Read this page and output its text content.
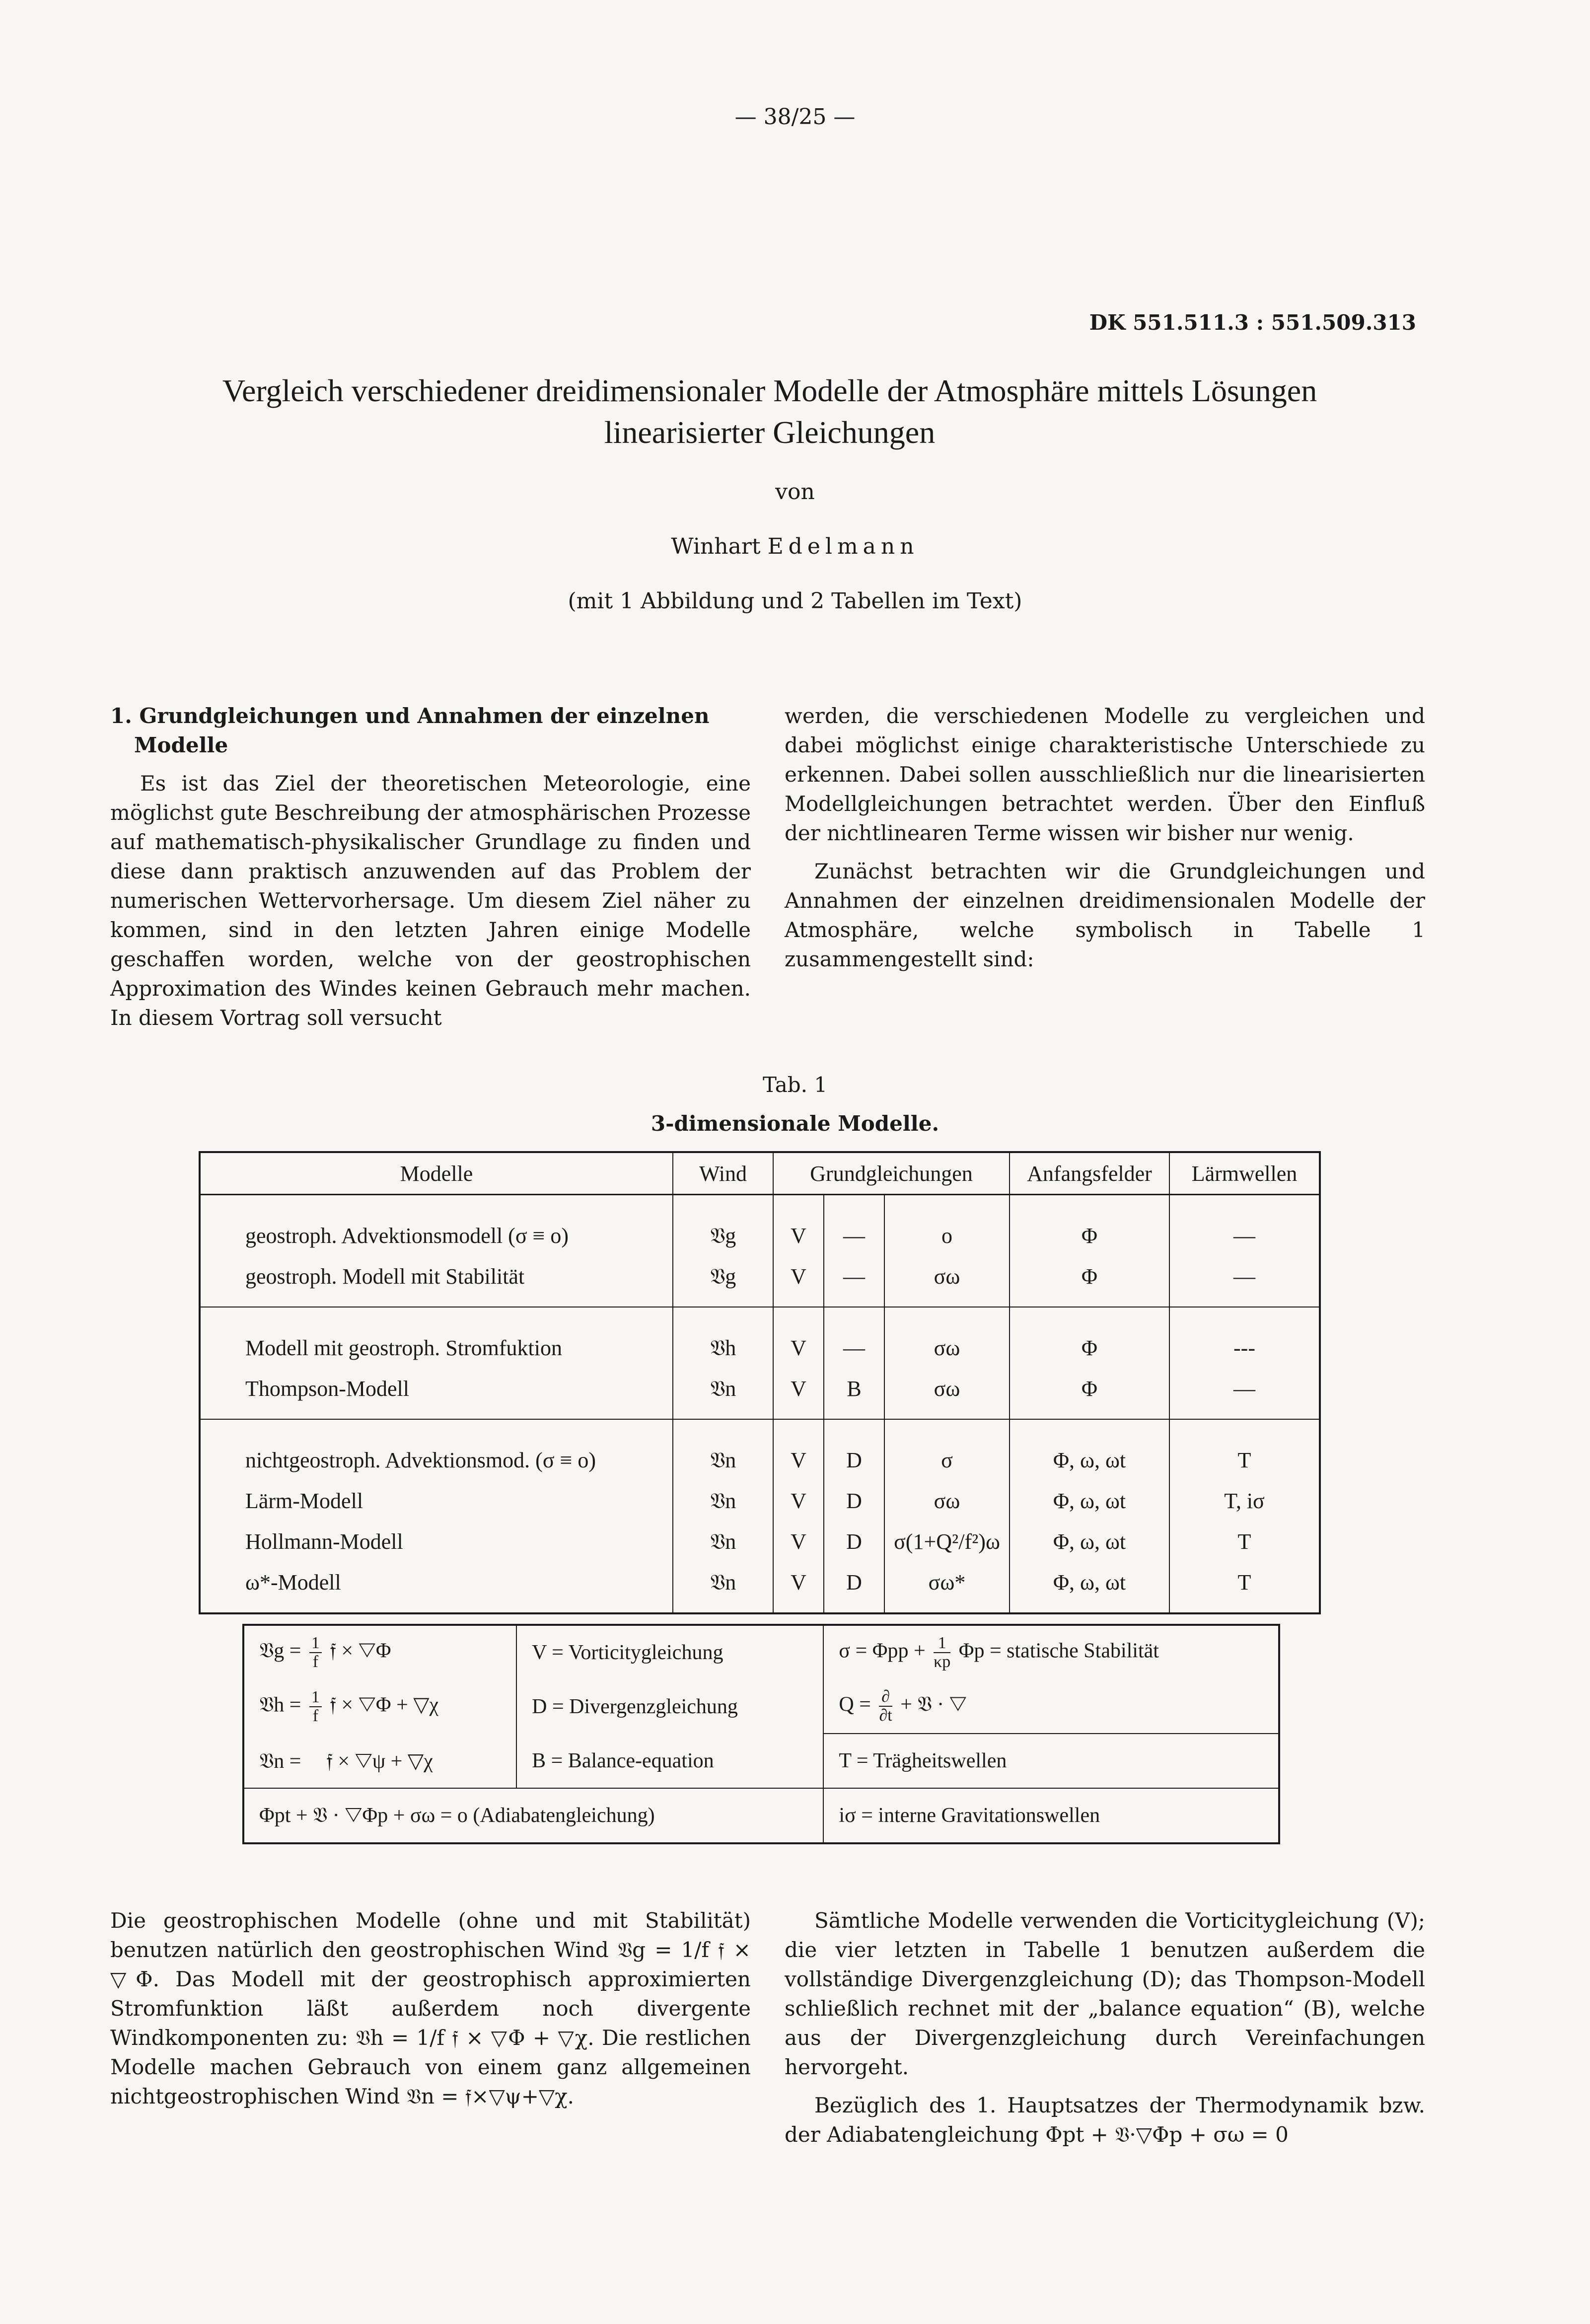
— 38/25 —
DK 551.511.3 : 551.509.313
Vergleich verschiedener dreidimensionaler Modelle der Atmosphäre mittels Lösungen
linearisierter Gleichungen
von
Winhart Edelmann
(mit 1 Abbildung und 2 Tabellen im Text)
1. Grundgleichungen und Annahmen der einzelnen
Modelle

Es ist das Ziel der theoretischen Meteorologie, eine möglichst gute Beschreibung der atmosphärischen Prozesse auf mathematisch-physikalischer Grundlage zu finden und diese dann praktisch anzuwenden auf das Problem der numerischen Wettervorhersage. Um diesem Ziel näher zu kommen, sind in den letzten Jahren einige Modelle geschaffen worden, welche von der geostrophischen Approximation des Windes keinen Gebrauch mehr machen. In diesem Vortrag soll versucht

werden, die verschiedenen Modelle zu vergleichen und dabei möglichst einige charakteristische Unterschiede zu erkennen. Dabei sollen ausschließlich nur die linearisierten Modellgleichungen betrachtet werden. Über den Einfluß der nichtlinearen Terme wissen wir bisher nur wenig.

Zunächst betrachten wir die Grundgleichungen und Annahmen der einzelnen dreidimensionalen Modelle der Atmosphäre, welche symbolisch in Tabelle 1 zusammengestellt sind:

Tab. 1
3-dimensionale Modelle.
Modelle	Wind	Grundgleichungen			Anfangsfelder	Lärmwellen
geostroph. Advektionsmodell (σ ≡ o)	𝔙g	V	—	o	Φ	—
geostroph. Modell mit Stabilität	𝔙g	V	—	σω	Φ	—
Modell mit geostroph. Stromfuktion	𝔙h	V	—	σω	Φ	---
Thompson-Modell	𝔙n	V	B	σω	Φ	—
nichtgeostroph. Advektionsmod. (σ ≡ o)	𝔙n	V	D	σ	Φ, ω, ωt	T
Lärm-Modell	𝔙n	V	D	σω	Φ, ω, ωt	T, iσ
Hollmann-Modell	𝔙n	V	D	σ(1+Q²/f²)ω	Φ, ω, ωt	T
ω*-Modell	𝔙n	V	D	σω*	Φ, ω, ωt	T
𝔙g = $\frac{1}{f}$ 𝔣 × ▽Φ	V = Vorticitygleichung	$\sigma = \Phi pp + \frac{1}{\kappa p}$ Φp = statische Stabilität
𝔙h = $\frac{1}{f}$ 𝔣 × ▽Φ + ▽χ	D = Divergenzgleichung	$Q = \frac{\partial}{\partial t}$ + 𝔙 · ▽
𝔙n = 𝔣 × ▽ψ + ▽χ	B = Balance-equation	T = Trägheitswellen
Φpt + 𝔙 · ▽Φp + σω = o (Adiabatengleichung)		iσ = interne Gravitationswellen

Die geostrophischen Modelle (ohne und mit Stabilität) benutzen natürlich den geostrophischen Wind 𝔙g = 1/f 𝔣 × ▽Φ. Das Modell mit der geostrophisch approximierten Stromfunktion läßt außerdem noch divergente Windkomponenten zu: 𝔙h = 1/f 𝔣 × ▽Φ + ▽χ. Die restlichen Modelle machen Gebrauch von einem ganz allgemeinen nichtgeostrophischen Wind 𝔙n = 𝔣×▽ψ+▽χ.

Sämtliche Modelle verwenden die Vorticitygleichung (V); die vier letzten in Tabelle 1 benutzen außerdem die vollständige Divergenzgleichung (D); das Thompson-Modell schließlich rechnet mit der „balance equation“ (B), welche aus der Divergenzgleichung durch Vereinfachungen hervorgeht.

Bezüglich des 1. Hauptsatzes der Thermodynamik bzw. der Adiabatengleichung Φpt + 𝔙·▽Φp + σω = 0
